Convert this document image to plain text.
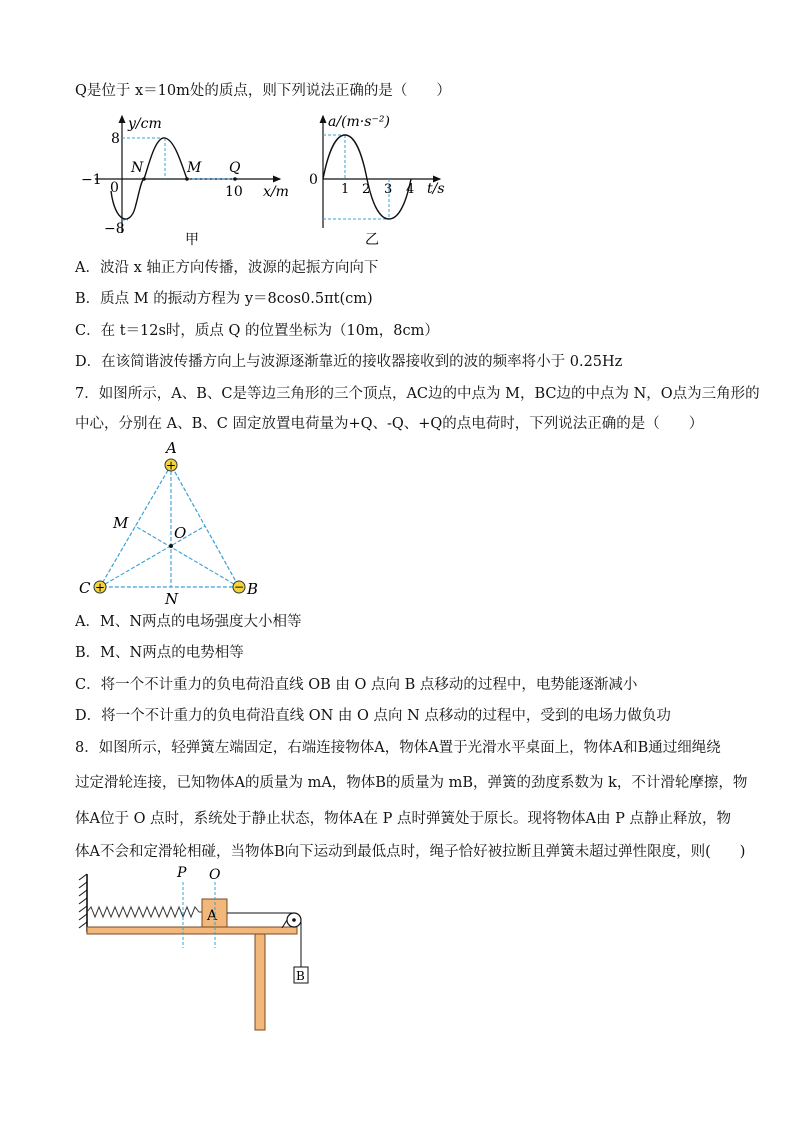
Q是位于 x＝10m处的质点，则下列说法正确的是（　　）
y/cm
8
−8
−1 0	10
N	M Q
x/m
甲
a/(m·s⁻²)
0
1 2 3 4 t/s
乙
A．波沿 x 轴正方向传播，波源的起振方向向下
B．质点 M 的振动方程为 y＝8cos0.5πt(cm)
C．在 t＝12s时，质点 Q 的位置坐标为（10m，8cm）
D．在该简谐波传播方向上与波源逐渐靠近的接收器接收到的波的频率将小于 0.25Hz
7．如图所示，A、B、C是等边三角形的三个顶点，AC边的中点为 M，BC边的中点为 N，O点为三角形的
中心，分别在 A、B、C 固定放置电荷量为+Q、-Q、+Q的点电荷时，下列说法正确的是（　　）
+
+	−
A
C	B
M
N
O
A．M、N两点的电场强度大小相等
B．M、N两点的电势相等
C．将一个不计重力的负电荷沿直线 OB 由 O 点向 B 点移动的过程中，电势能逐渐减小
D．将一个不计重力的负电荷沿直线 ON 由 O 点向 N 点移动的过程中，受到的电场力做负功
8．如图所示，轻弹簧左端固定，右端连接物体A，物体A置于光滑水平桌面上，物体A和B通过细绳绕
过定滑轮连接，已知物体A的质量为 mA，物体B的质量为 mB，弹簧的劲度系数为 k，不计滑轮摩擦，物
体A位于 O 点时，系统处于静止状态，物体A在 P 点时弹簧处于原长。现将物体A由 P 点静止释放，物
体A不会和定滑轮相碰，当物体B向下运动到最低点时，绳子恰好被拉断且弹簧未超过弹性限度，则(　　)
A
B
P O
